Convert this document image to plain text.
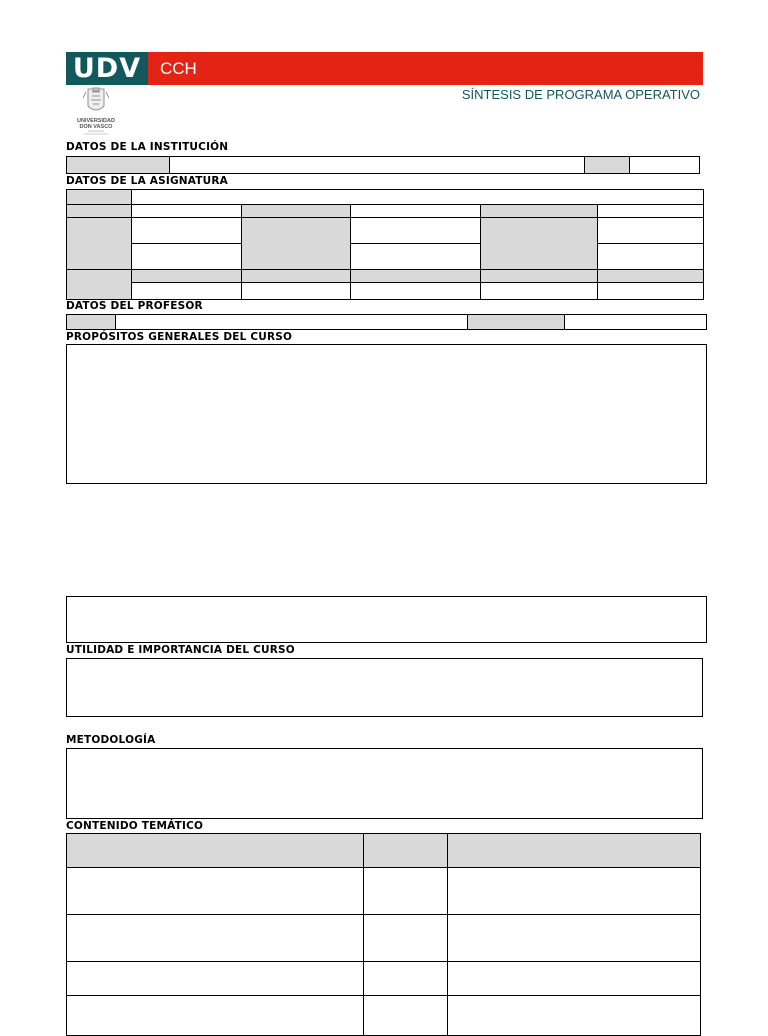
UDV	CCH
UNIVERSIDAD
DON VASCO
SÍNTESIS DE PROGRAMA OPERATIVO
DATOS DE LA INSTITUCIÓN
DATOS DE LA ASIGNATURA

DATOS DEL PROFESOR
PROPÓSITOS GENERALES DEL CURSO
UTILIDAD E IMPORTANCIA DEL CURSO
METODOLOGÍA
CONTENIDO TEMÁTICO
